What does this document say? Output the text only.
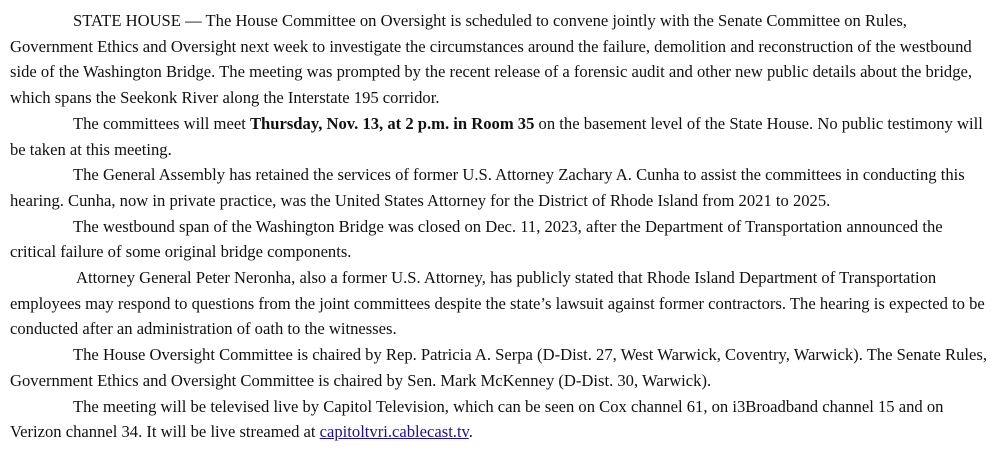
STATE HOUSE — The House Committee on Oversight is scheduled to convene jointly with the Senate Committee on Rules, Government Ethics and Oversight next week to investigate the circumstances around the failure, demolition and reconstruction of the westbound side of the Washington Bridge. The meeting was prompted by the recent release of a forensic audit and other new public details about the bridge, which spans the Seekonk River along the Interstate 195 corridor.

The committees will meet Thursday, Nov. 13, at 2 p.m. in Room 35 on the basement level of the State House. No public testimony will be taken at this meeting.

The General Assembly has retained the services of former U.S. Attorney Zachary A. Cunha to assist the committees in conducting this hearing. Cunha, now in private practice, was the United States Attorney for the District of Rhode Island from 2021 to 2025.

The westbound span of the Washington Bridge was closed on Dec. 11, 2023, after the Department of Transportation announced the critical failure of some original bridge components.

Attorney General Peter Neronha, also a former U.S. Attorney, has publicly stated that Rhode Island Department of Transportation employees may respond to questions from the joint committees despite the state’s lawsuit against former contractors. The hearing is expected to be conducted after an administration of oath to the witnesses.

The House Oversight Committee is chaired by Rep. Patricia A. Serpa (D-Dist. 27, West Warwick, Coventry, Warwick). The Senate Rules, Government Ethics and Oversight Committee is chaired by Sen. Mark McKenney (D-Dist. 30, Warwick).

The meeting will be televised live by Capitol Television, which can be seen on Cox channel 61, on i3Broadband channel 15 and on Verizon channel 34. It will be live streamed at capitoltvri.cablecast.tv.
